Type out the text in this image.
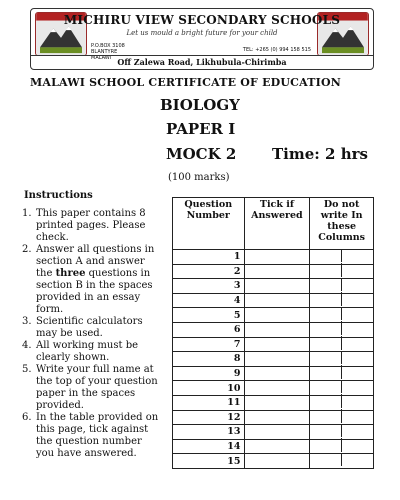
MICHIRU VIEW SECONDARY SCHOOLS
Let us mould a bright future for your child
P.O.BOX 3108
BLANTYRE
MALAWI
TEL: +265 (0) 994 158 515
Off Zalewa Road, Likhubula-Chirimba
MALAWI SCHOOL CERTIFICATE OF EDUCATION
BIOLOGY
PAPER I
MOCK 2 Time: 2 hrs
(100 marks)
Instructions
1. This paper contains 8 printed pages. Please check.
2. Answer all questions in section A and answer the three questions in section B in the spaces provided in an essay form.
3. Scientific calculators may be used.
4. All working must be clearly shown.
5. Write your full name at the top of your question paper in the spaces provided.
6. In the table provided on this page, tick against the question number you have answered.
Question Number	Tick if Answered	Do not write In these Columns
1		
2		
3		
4		
5		
6		
7		
8		
9		
10		
11		
12		
13		
14		
15		
